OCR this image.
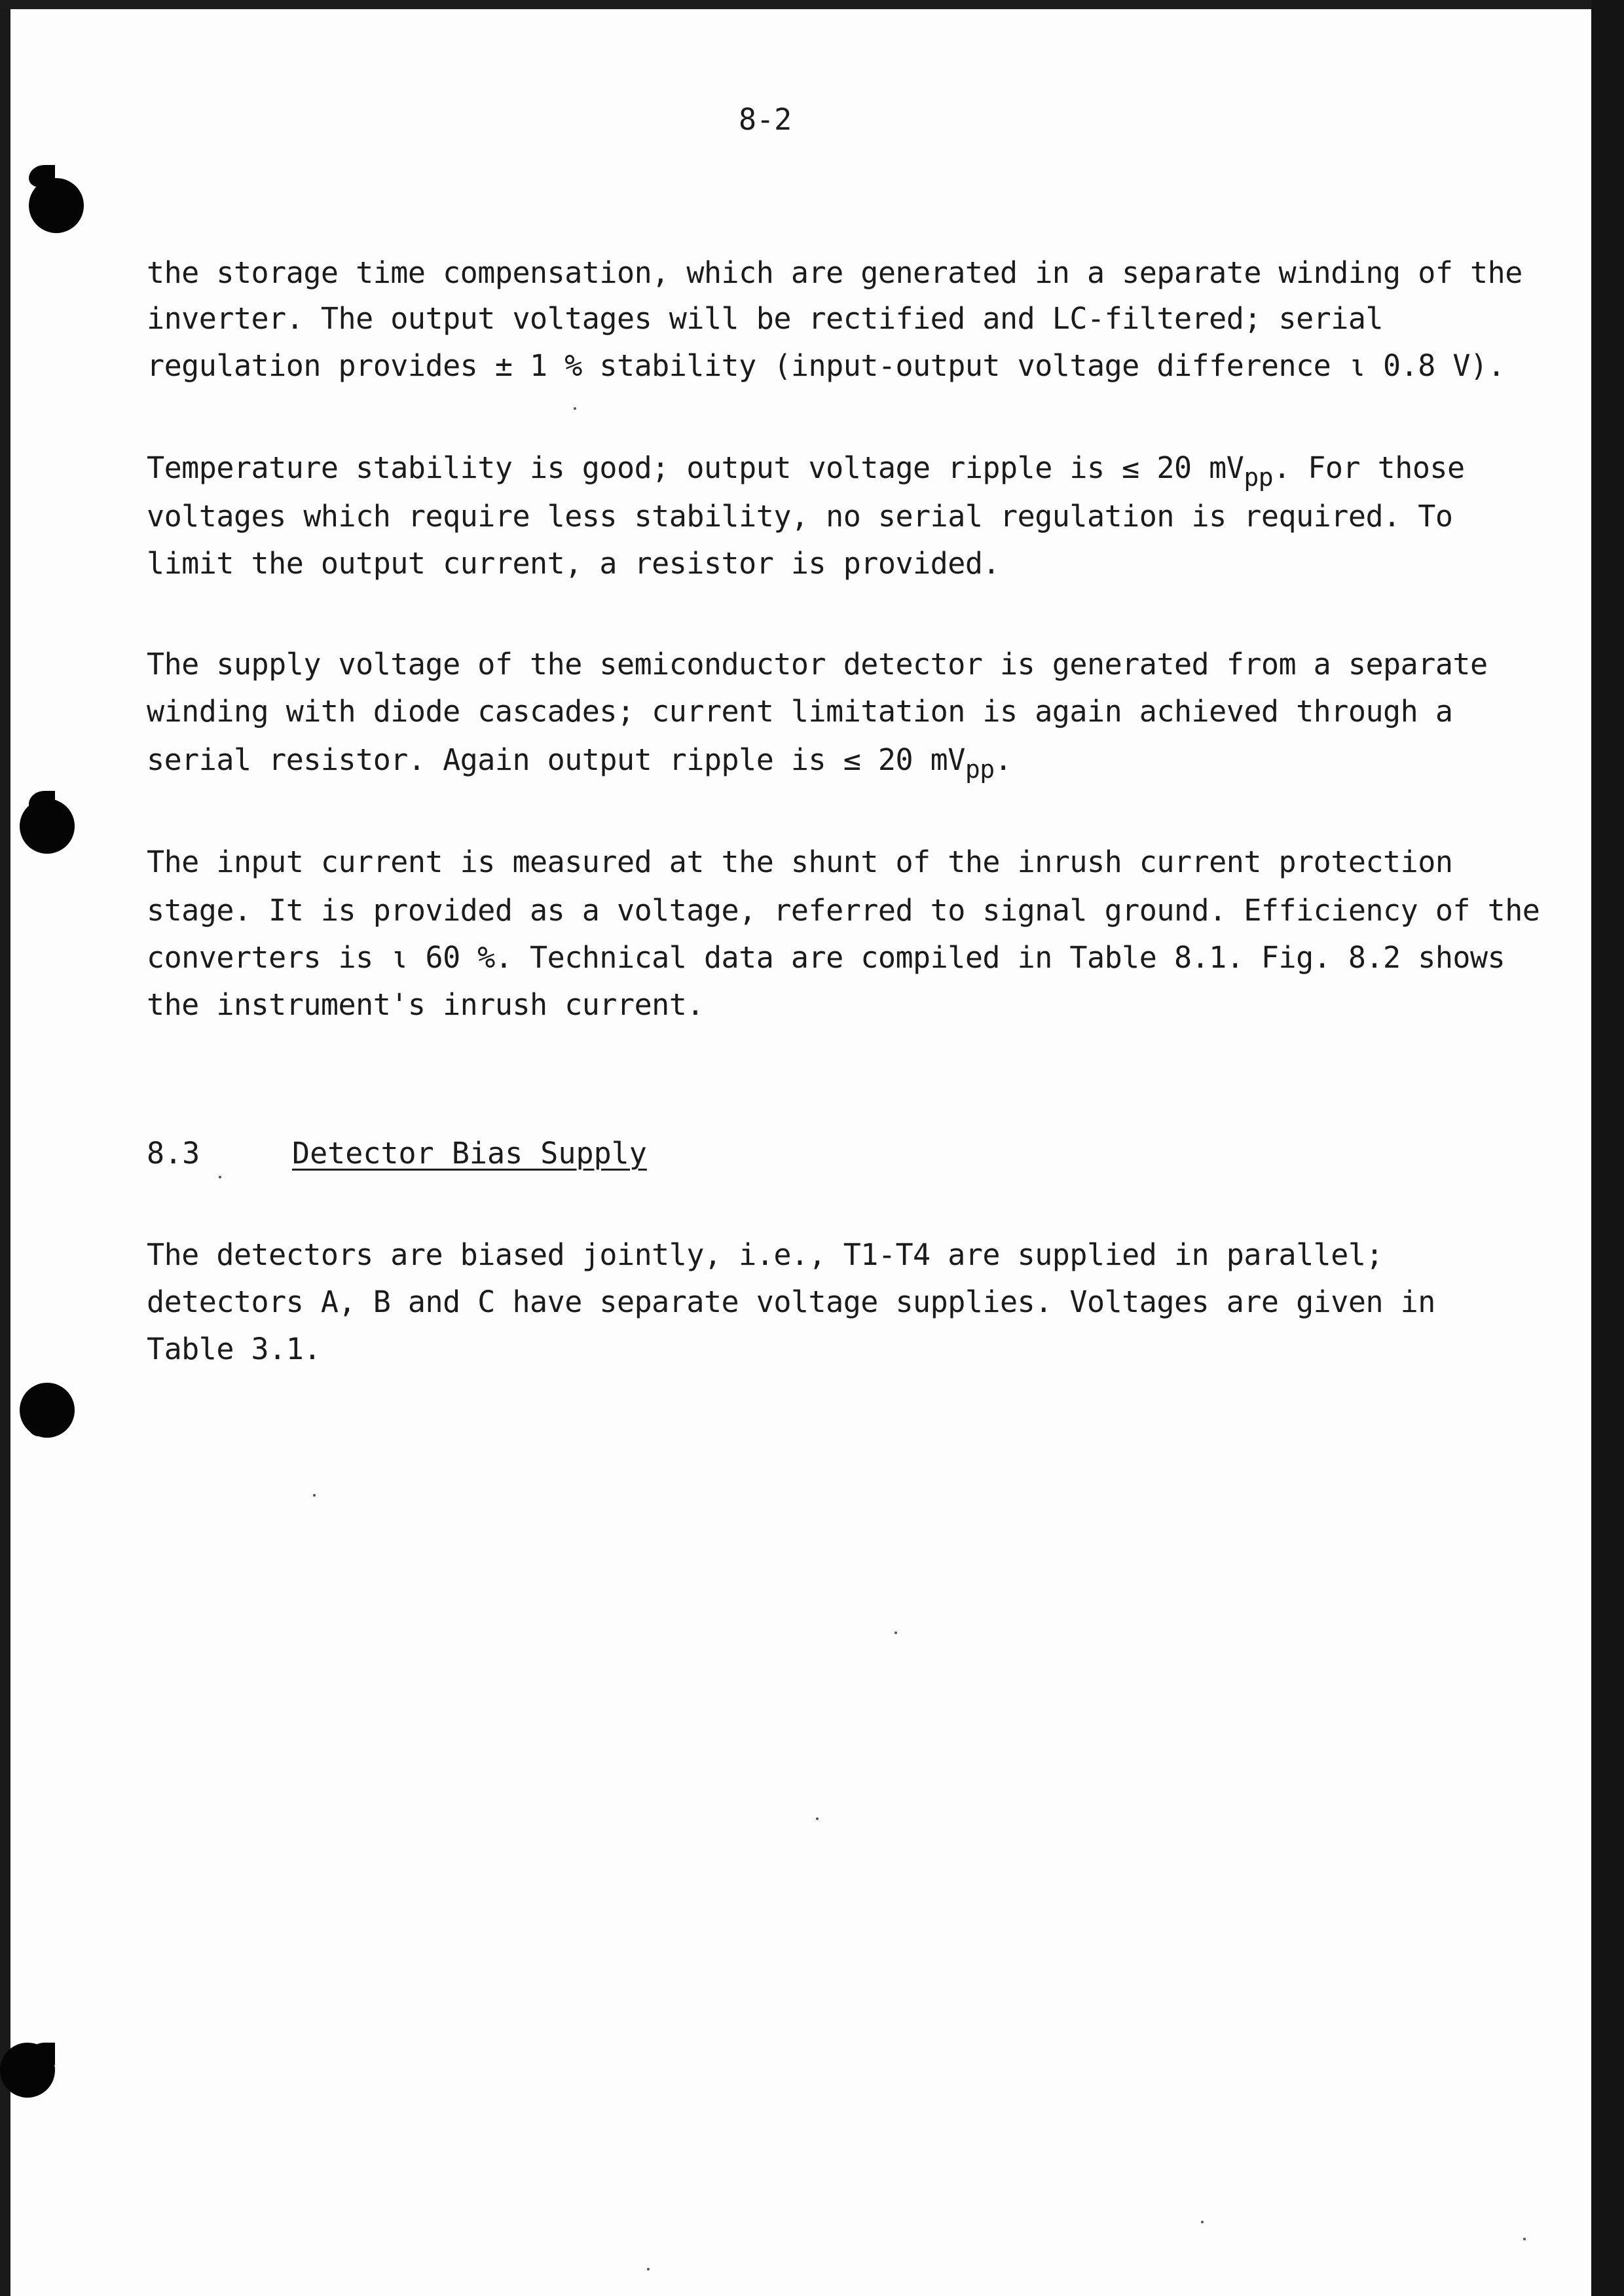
8-2
the storage time compensation, which are generated in a separate winding of the
inverter. The output voltages will be rectified and LC-filtered; serial
regulation provides ± 1 % stability (input-output voltage difference ι 0.8 V).
Temperature stability is good; output voltage ripple is ≤ 20 $mV_{pp}$. For those
voltages which require less stability, no serial regulation is required. To
limit the output current, a resistor is provided.
The supply voltage of the semiconductor detector is generated from a separate
winding with diode cascades; current limitation is again achieved through a
serial resistor. Again output ripple is ≤ 20 $mV_{pp}$.
The input current is measured at the shunt of the inrush current protection
stage. It is provided as a voltage, referred to signal ground. Efficiency of the
converters is ι 60 %. Technical data are compiled in Table 8.1. Fig. 8.2 shows
the instrument's inrush current.
8.3	Detector Bias Supply
The detectors are biased jointly, i.e., T1-T4 are supplied in parallel;
detectors A, B and C have separate voltage supplies. Voltages are given in
Table 3.1.
